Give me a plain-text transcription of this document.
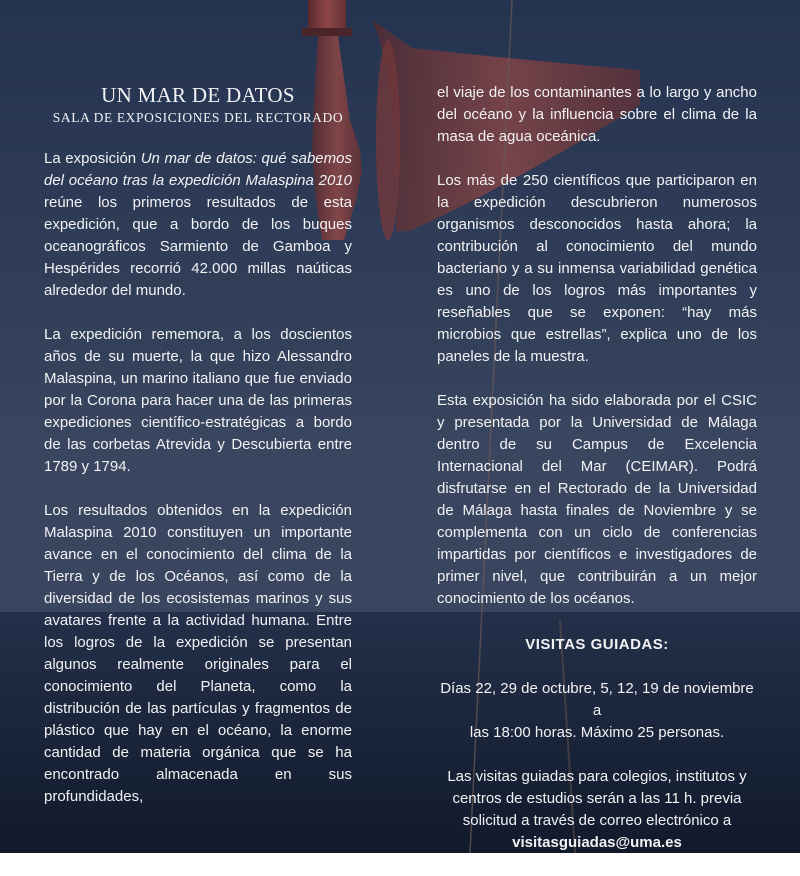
UN MAR DE DATOS
SALA DE EXPOSICIONES DEL RECTORADO

La exposición Un mar de datos: qué sabemos del océano tras la expedición Malaspina 2010 reúne los primeros resultados de esta expedición, que a bordo de los buques oceanográficos Sarmiento de Gamboa y Hespérides recorrió 42.000 millas naúticas alrededor del mundo.

La expedición rememora, a los doscientos años de su muerte, la que hizo Alessandro Malaspina, un marino italiano que fue enviado por la Corona para hacer una de las primeras expediciones científico-estratégicas a bordo de las corbetas Atrevida y Descubierta entre 1789 y 1794.

Los resultados obtenidos en la expedición Malaspina 2010 constituyen un importante avance en el conocimiento del clima de la Tierra y de los Océanos, así como de la diversidad de los ecosistemas marinos y sus avatares frente a la actividad humana. Entre los logros de la expedición se presentan algunos realmente originales para el conocimiento del Planeta, como la distribución de las partículas y fragmentos de plástico que hay en el océano, la enorme cantidad de materia orgánica que se ha encontrado almacenada en sus profundidades,

el viaje de los contaminantes a lo largo y ancho del océano y la influencia sobre el clima de la masa de agua oceánica.

Los más de 250 científicos que participaron en la expedición descubrieron numerosos organismos desconocidos hasta ahora; la contribución al conocimiento del mundo bacteriano y a su inmensa variabilidad genética es uno de los logros más importantes y reseñables que se exponen: “hay más microbios que estrellas”, explica uno de los paneles de la muestra.

Esta exposición ha sido elaborada por el CSIC y presentada por la Universidad de Málaga dentro de su Campus de Excelencia Internacional del Mar (CEIMAR). Podrá disfrutarse en el Rectorado de la Universidad de Málaga hasta finales de Noviembre y se complementa con un ciclo de conferencias impartidas por científicos e investigadores de primer nivel, que contribuirán a un mejor conocimiento de los océanos.

VISITAS GUIADAS:

Días 22, 29 de octubre, 5, 12, 19 de noviembre a
las 18:00 horas. Máximo 25 personas.

Las visitas guiadas para colegios, institutos y
centros de estudios serán a las 11 h. previa
solicitud a través de correo electrónico a
visitasguiadas@uma.es
